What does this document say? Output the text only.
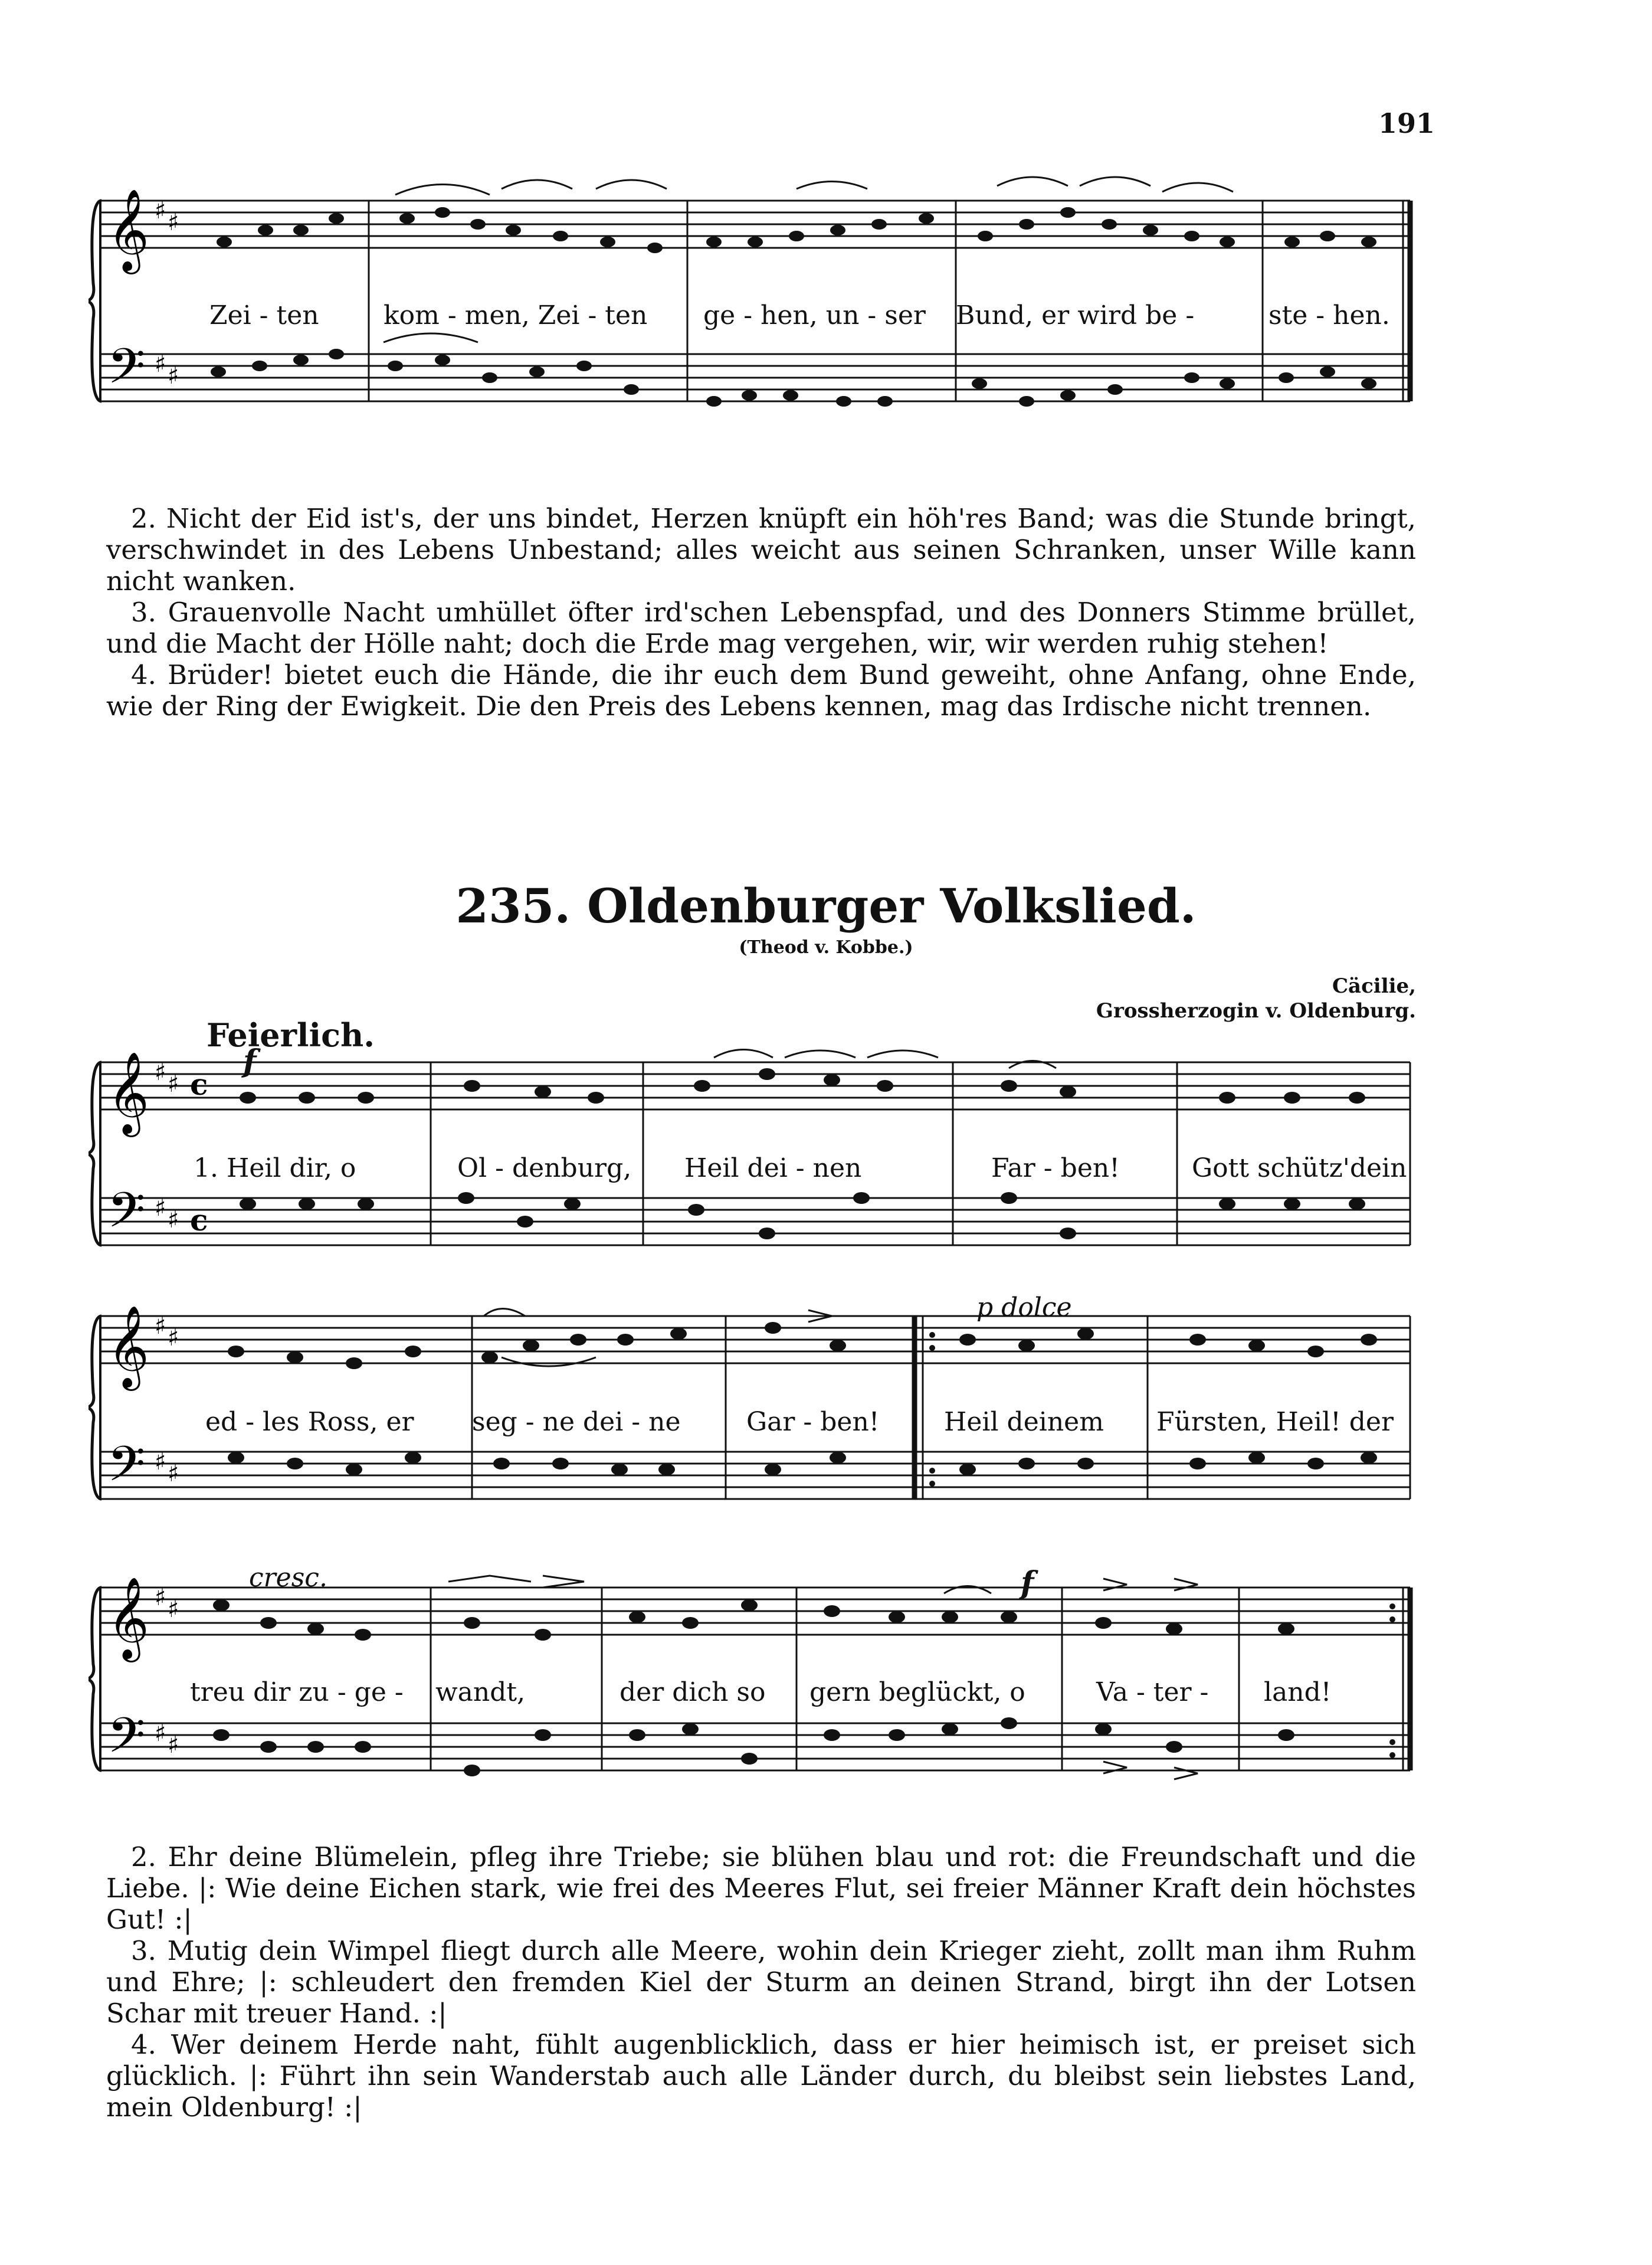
191
𝄞
𝄢
♯ ♯
♯ ♯
Zei - ten kom - men, Zei - ten ge - hen, un - ser Bund, er wird be -	ste - hen.

2. Nicht der Eid ist's, der uns bindet, Herzen knüpft ein höh'res Band; was die Stunde bringt, verschwindet in des Lebens Unbestand; alles weicht aus seinen Schranken, unser Wille kann nicht wanken.

3. Grauenvolle Nacht umhüllet öfter ird'schen Lebenspfad, und des Donners Stimme brüllet, und die Macht der Hölle naht; doch die Erde mag vergehen, wir, wir werden ruhig stehen!

4. Brüder! bietet euch die Hände, die ihr euch dem Bund geweiht, ohne Anfang, ohne Ende, wie der Ring der Ewigkeit. Die den Preis des Lebens kennen, mag das Irdische nicht trennen.

235. Oldenburger Volkslied.
(Theod v. Kobbe.)
Cäcilie,
Grossherzogin v. Oldenburg.
Feierlich.
𝄞
𝄢
♯ ♯
♯ ♯
c
c
f
1. Heil dir, o	Ol - denburg, Heil dei - nen	Far - ben!	Gott schütz'dein
𝄞
𝄢
♯ ♯
♯ ♯
p dolce
ed - les Ross, er seg - ne dei - ne	Gar - ben! Heil deinem Fürsten, Heil! der
𝄞
𝄢
♯ ♯
♯ ♯
cresc.	f
treu dir zu - ge - wandt,	der dich so gern beglückt, o	Va - ter - land!

2. Ehr deine Blümelein, pfleg ihre Triebe; sie blühen blau und rot: die Freundschaft und die Liebe. |: Wie deine Eichen stark, wie frei des Meeres Flut, sei freier Männer Kraft dein höchstes Gut! :|

3. Mutig dein Wimpel fliegt durch alle Meere, wohin dein Krieger zieht, zollt man ihm Ruhm und Ehre; |: schleudert den fremden Kiel der Sturm an deinen Strand, birgt ihn der Lotsen Schar mit treuer Hand. :|

4. Wer deinem Herde naht, fühlt augenblicklich, dass er hier heimisch ist, er preiset sich glücklich. |: Führt ihn sein Wanderstab auch alle Länder durch, du bleibst sein liebstes Land, mein Oldenburg! :|
